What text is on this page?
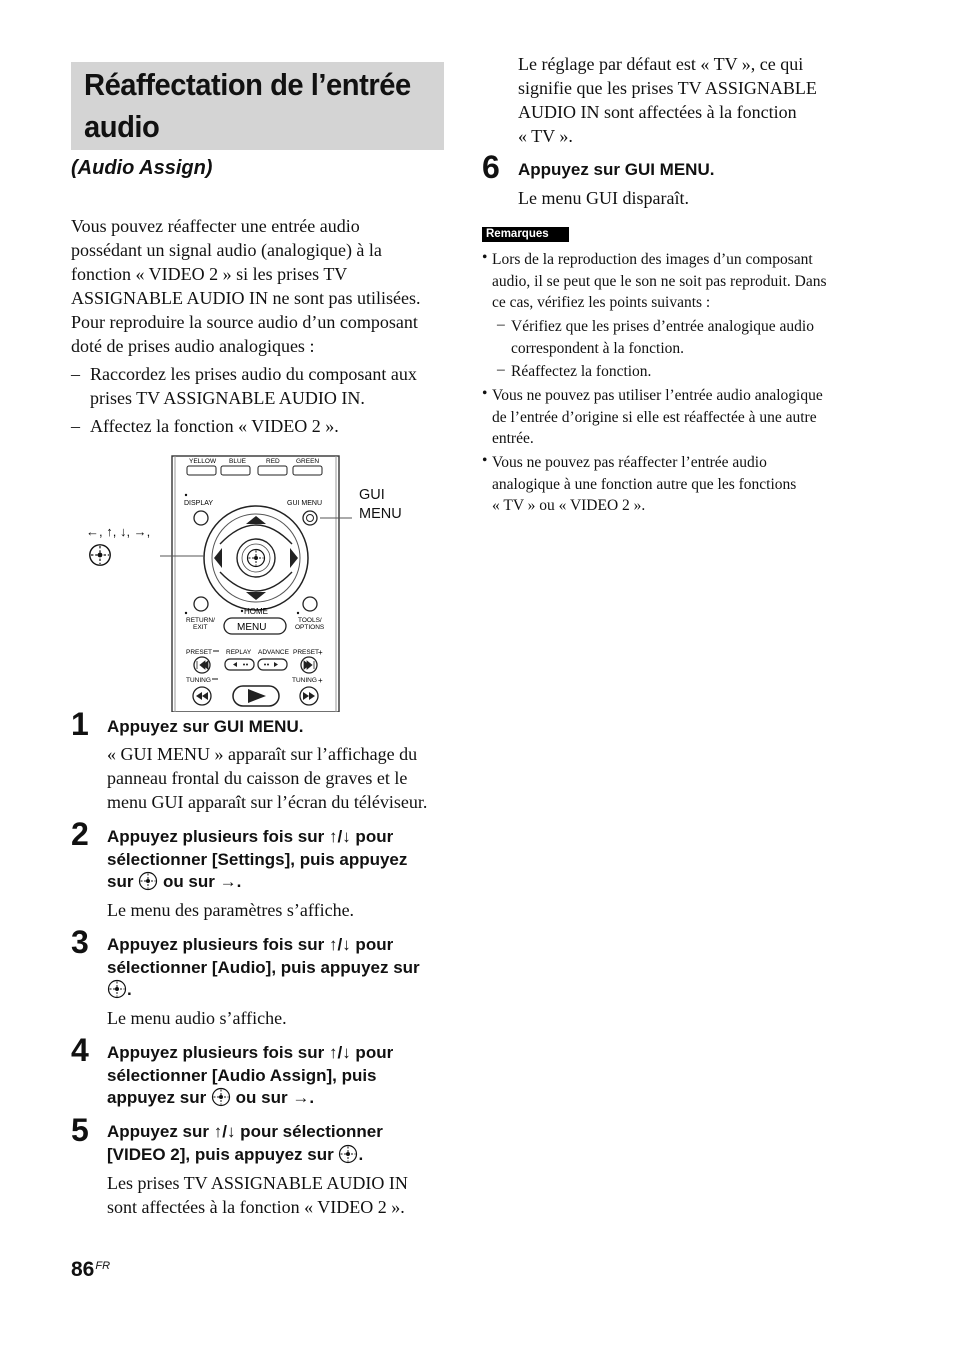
Réaffectation de l’entrée
audio
(Audio Assign)
Vous pouvez réaffecter une entrée audio
possédant un signal audio (analogique) à la
fonction « VIDEO 2 » si les prises TV
ASSIGNABLE AUDIO IN ne sont pas utilisées.
Pour reproduire la source audio d’un composant
doté de prises audio analogiques :
– Raccordez les prises audio du composant aux
prises TV ASSIGNABLE AUDIO IN.
– Affectez la fonction « VIDEO 2 ».
YELLOW BLUE	RED	GREEN
DISPLAY	GUI MENU
HOME
RETURN/
EXIT
TOOLS/
OPTIONS
MENU
PRESET REPLAY ADVANCE PRESET
+
TUNING	TUNING +
←, ↑, ↓, →,
GUI
MENU
1 Appuyez sur GUI MENU.
« GUI MENU » apparaît sur l’affichage du
panneau frontal du caisson de graves et le
menu GUI apparaît sur l’écran du téléviseur.
2 Appuyez plusieurs fois sur ↑/↓ pour
sélectionner [Settings], puis appuyez
sur ou sur →.
Le menu des paramètres s’affiche.
3 Appuyez plusieurs fois sur ↑/↓ pour
sélectionner [Audio], puis appuyez sur
.
Le menu audio s’affiche.
4 Appuyez plusieurs fois sur ↑/↓ pour
sélectionner [Audio Assign], puis
appuyez sur ou sur →.
5 Appuyez sur ↑/↓ pour sélectionner
[VIDEO 2], puis appuyez sur .
Les prises TV ASSIGNABLE AUDIO IN
sont affectées à la fonction « VIDEO 2 ».
Le réglage par défaut est « TV », ce qui
signifie que les prises TV ASSIGNABLE
AUDIO IN sont affectées à la fonction
« TV ».
6 Appuyez sur GUI MENU.
Le menu GUI disparaît.
Remarques
• Lors de la reproduction des images d’un composant
audio, il se peut que le son ne soit pas reproduit. Dans
ce cas, vérifiez les points suivants :
– Vérifiez que les prises d’entrée analogique audio
correspondent à la fonction.
– Réaffectez la fonction.
• Vous ne pouvez pas utiliser l’entrée audio analogique
de l’entrée d’origine si elle est réaffectée à une autre
entrée.
• Vous ne pouvez pas réaffecter l’entrée audio
analogique à une fonction autre que les fonctions
« TV » ou « VIDEO 2 ».
$86^{FR}$
